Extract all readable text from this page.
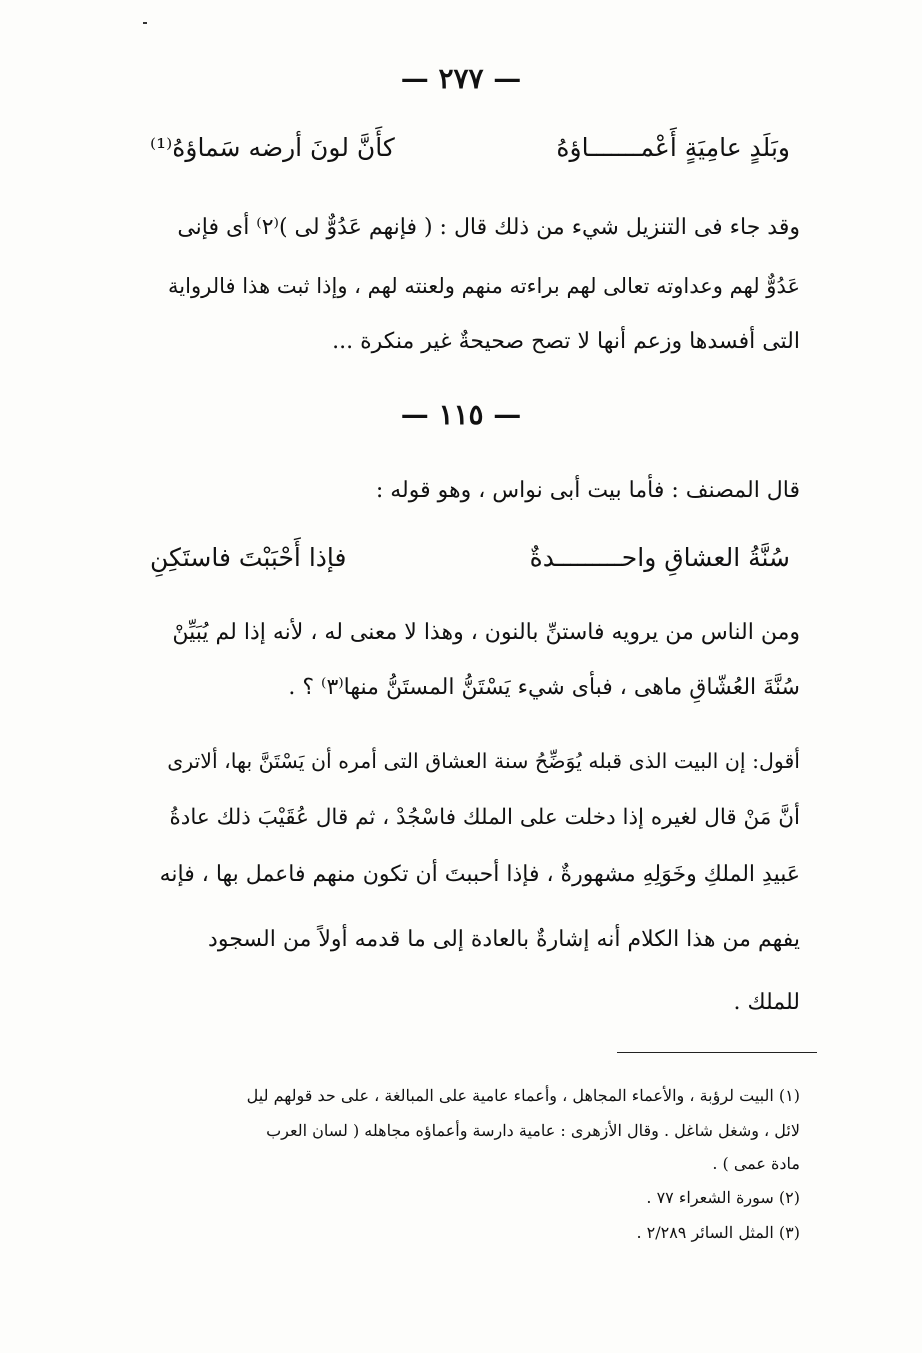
— ٢٧٧ —
وبَلَدٍ عامِيَةٍ أَعْمـــــــاؤهُ
كأَنَّ لونَ أرضه سَماؤهُ⁽¹⁾
وقد جاء فى التنزيل شيء من ذلك قال : ( فإنهم عَدُوٌّ لى )⁽٢⁾ أى فإنى
عَدُوٌّ لهم وعداوته تعالى لهم براءته منهم ولعنته لهم ، وإذا ثبت هذا فالرواية
التى أفسدها وزعم أنها لا تصح صحيحةٌ غير منكرة ...
— ١١٥ —
قال المصنف : فأما بيت أبى نواس ، وهو قوله :
سُنَّةُ العشاقِ واحـــــــــدةٌ
فإذا أَحْبَبْتَ فاستَكِنِ
ومن الناس من يرويه فاستنِّ بالنون ، وهذا لا معنى له ، لأنه إذا لم يُبَيِّنْ
سُنَّةَ العُشّاقِ ماهى ، فبأى شيء يَسْتَنُّ المستَنُّ منها⁽٣⁾ ؟ .
أقول: إن البيت الذى قبله يُوَضِّحُ سنة العشاق التى أمره أن يَسْتَنَّ بها، ألاترى
أنَّ مَنْ قال لغيره إذا دخلت على الملك فاسْجُدْ ، ثم قال عُقَيْبَ ذلك عادةُ
عَبيدِ الملكِ وخَوَلِهِ مشهورةٌ ، فإذا أحببتَ أن تكون منهم فاعمل بها ، فإنه
يفهم من هذا الكلام أنه إشارةٌ بالعادة إلى ما قدمه أولاً من السجود
للملك .
(١) البيت لرؤبة ، والأعماء المجاهل ، وأعماء عامية على المبالغة ، على حد قولهم ليل
لائل ، وشغل شاغل . وقال الأزهرى : عامية دارسة وأعماؤه مجاهله ( لسان العرب
مادة عمى ) .
(٢) سورة الشعراء ٧٧ .
(٣) المثل السائر ٢/٢٨٩ .
